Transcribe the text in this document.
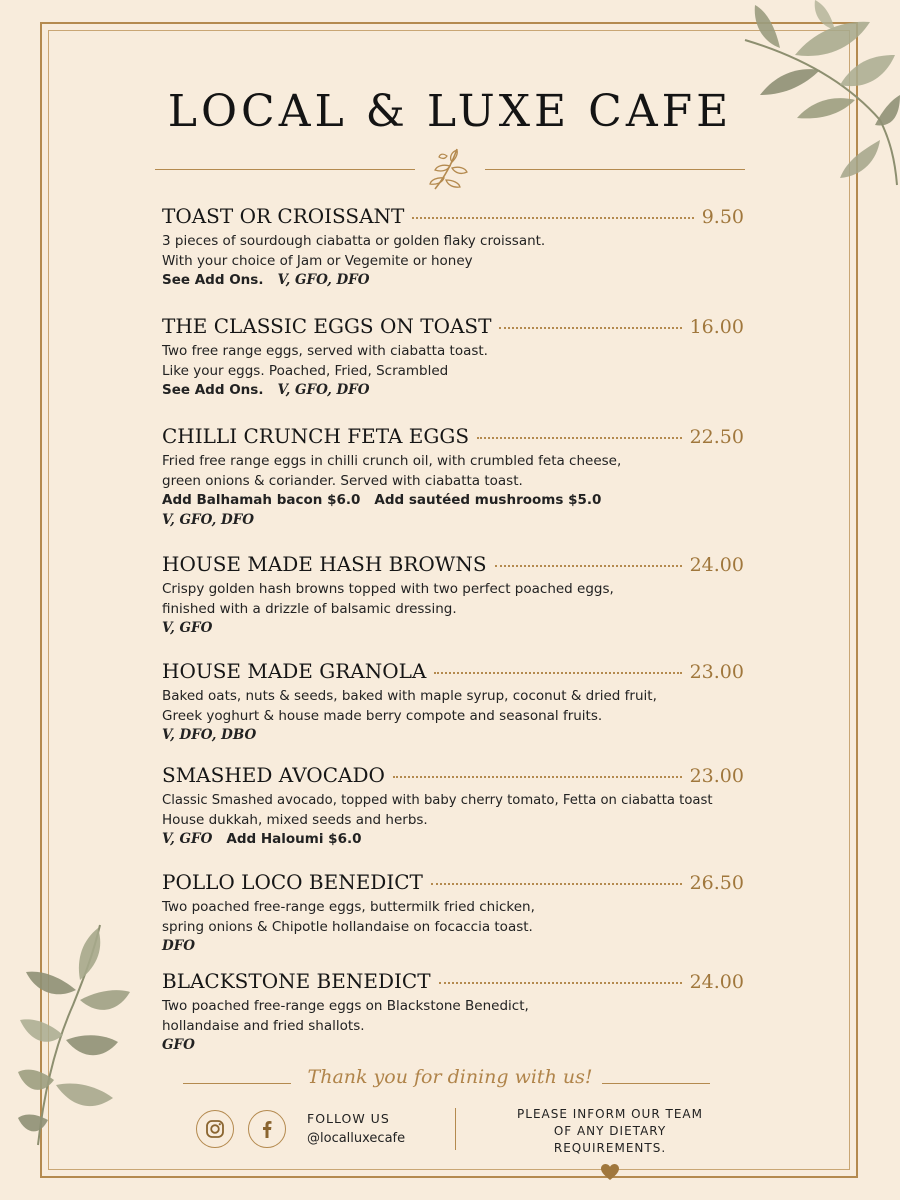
LOCAL & LUXE CAFE
TOAST OR CROISSANT	9.50
3 pieces of sourdough ciabatta or golden flaky croissant.
With your choice of Jam or Vegemite or honey
See Add Ons. V, GFO, DFO
THE CLASSIC EGGS ON TOAST	16.00
Two free range eggs, served with ciabatta toast.
Like your eggs. Poached, Fried, Scrambled
See Add Ons. V, GFO, DFO
CHILLI CRUNCH FETA EGGS	22.50
Fried free range eggs in chilli crunch oil, with crumbled feta cheese,
green onions & coriander. Served with ciabatta toast.
Add Balhamah bacon $6.0 Add sautéed mushrooms $5.0
V, GFO, DFO
HOUSE MADE HASH BROWNS	24.00
Crispy golden hash browns topped with two perfect poached eggs,
finished with a drizzle of balsamic dressing.
V, GFO
HOUSE MADE GRANOLA	23.00
Baked oats, nuts & seeds, baked with maple syrup, coconut & dried fruit,
Greek yoghurt & house made berry compote and seasonal fruits.
V, DFO, DBO
SMASHED AVOCADO	23.00
Classic Smashed avocado, topped with baby cherry tomato, Fetta on ciabatta toast
House dukkah, mixed seeds and herbs.
V, GFO Add Haloumi $6.0
POLLO LOCO BENEDICT	26.50
Two poached free-range eggs, buttermilk fried chicken,
spring onions & Chipotle hollandaise on focaccia toast.
DFO
BLACKSTONE BENEDICT	24.00
Two poached free-range eggs on Blackstone Benedict,
hollandaise and fried shallots.
GFO
Thank you for dining with us!
FOLLOW US
@localluxecafe
PLEASE INFORM OUR TEAM
OF ANY DIETARY
REQUIREMENTS.
